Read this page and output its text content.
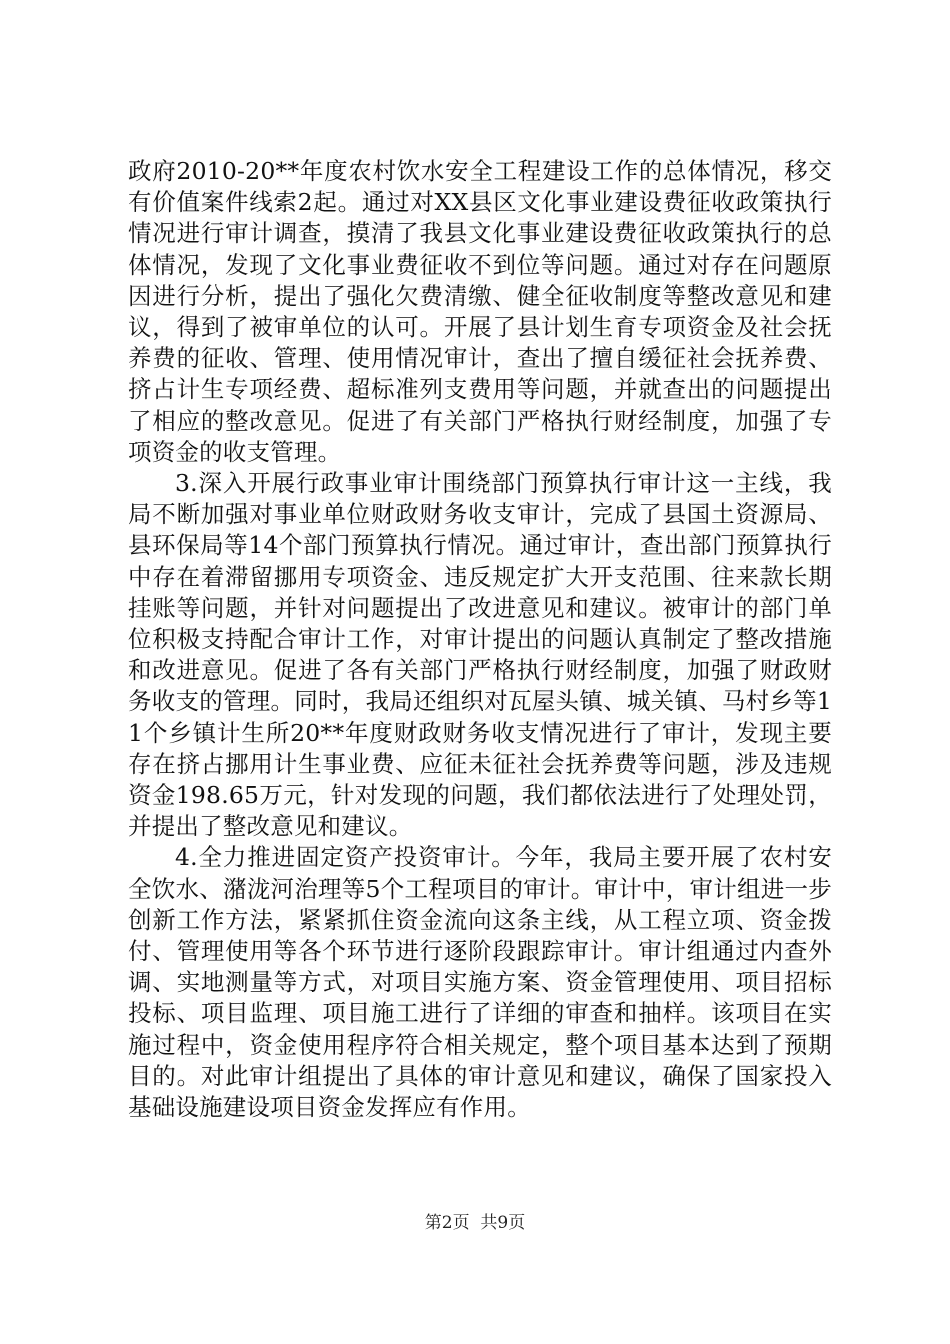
政府2010-20**年度农村饮水安全工程建设工作的总体情况，移交有价值案件线索2起。通过对XX县区文化事业建设费征收政策执行情况进行审计调查，摸清了我县文化事业建设费征收政策执行的总体情况，发现了文化事业费征收不到位等问题。通过对存在问题原因进行分析，提出了强化欠费清缴、健全征收制度等整改意见和建议，得到了被审单位的认可。开展了县计划生育专项资金及社会抚养费的征收、管理、使用情况审计，查出了擅自缓征社会抚养费、挤占计生专项经费、超标准列支费用等问题，并就查出的问题提出了相应的整改意见。促进了有关部门严格执行财经制度，加强了专项资金的收支管理。

3.深入开展行政事业审计围绕部门预算执行审计这一主线，我局不断加强对事业单位财政财务收支审计，完成了县国土资源局、县环保局等14个部门预算执行情况。通过审计，查出部门预算执行中存在着滞留挪用专项资金、违反规定扩大开支范围、往来款长期挂账等问题，并针对问题提出了改进意见和建议。被审计的部门单位积极支持配合审计工作，对审计提出的问题认真制定了整改措施和改进意见。促进了各有关部门严格执行财经制度，加强了财政财务收支的管理。同时，我局还组织对瓦屋头镇、城关镇、马村乡等11个乡镇计生所20**年度财政财务收支情况进行了审计，发现主要存在挤占挪用计生事业费、应征未征社会抚养费等问题，涉及违规资金198.65万元，针对发现的问题，我们都依法进行了处理处罚，并提出了整改意见和建议。

4.全力推进固定资产投资审计。今年，我局主要开展了农村安全饮水、潴泷河治理等5个工程项目的审计。审计中，审计组进一步创新工作方法，紧紧抓住资金流向这条主线，从工程立项、资金拨付、管理使用等各个环节进行逐阶段跟踪审计。审计组通过内查外调、实地测量等方式，对项目实施方案、资金管理使用、项目招标投标、项目监理、项目施工进行了详细的审查和抽样。该项目在实施过程中，资金使用程序符合相关规定，整个项目基本达到了预期目的。对此审计组提出了具体的审计意见和建议，确保了国家投入基础设施建设项目资金发挥应有作用。

第2页  共9页
